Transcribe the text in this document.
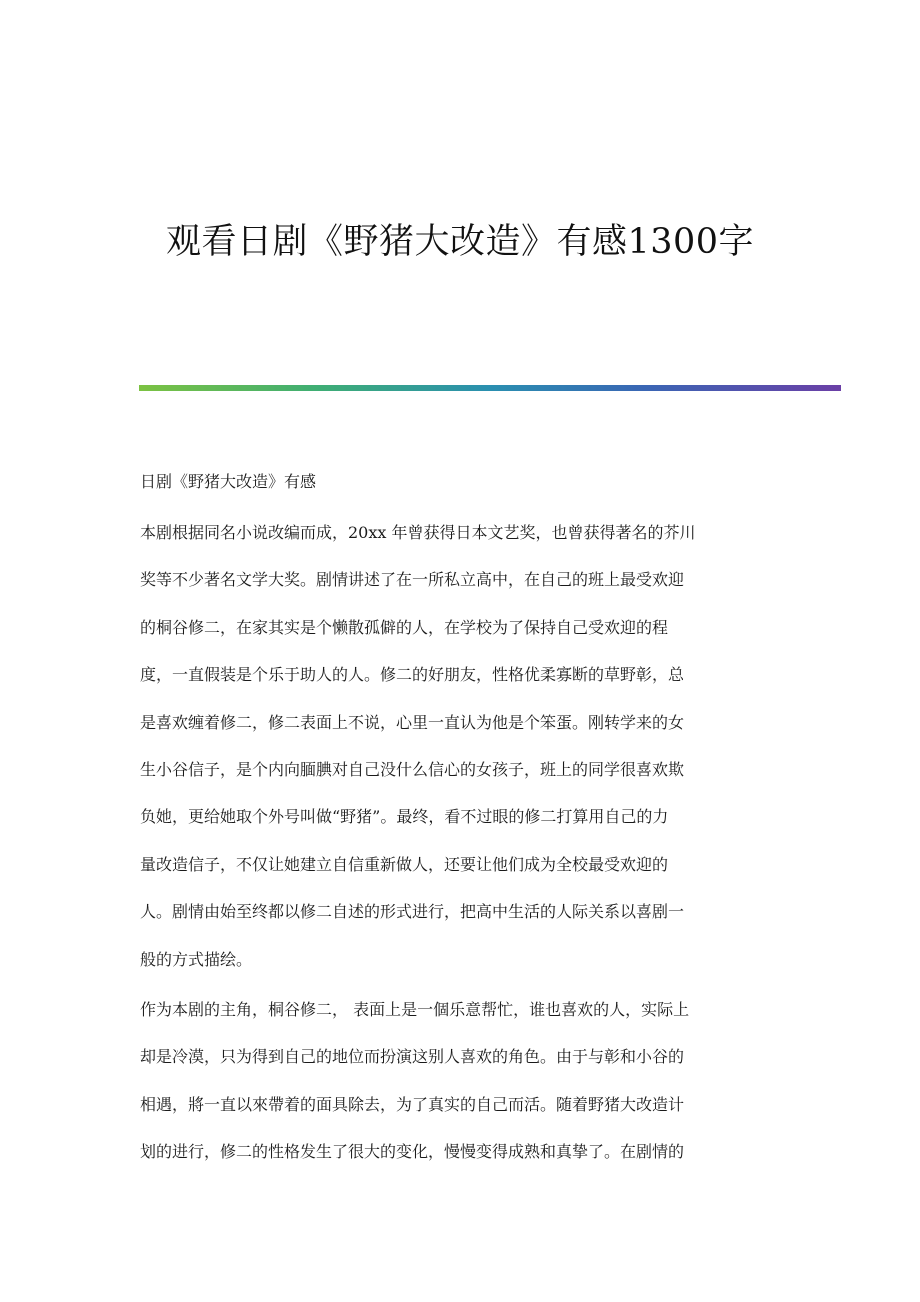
观看日剧《野猪大改造》有感1300字

日剧《野猪大改造》有感

本剧根据同名小说改编而成，20xx 年曾获得日本文艺奖，也曾获得著名的芥川
奖等不少著名文学大奖。剧情讲述了在一所私立高中，在自己的班上最受欢迎
的桐谷修二，在家其实是个懒散孤僻的人，在学校为了保持自己受欢迎的程
度，一直假装是个乐于助人的人。修二的好朋友，性格优柔寡断的草野彰，总
是喜欢缠着修二，修二表面上不说，心里一直认为他是个笨蛋。刚转学来的女
生小谷信子，是个内向腼腆对自己没什么信心的女孩子，班上的同学很喜欢欺
负她，更给她取个外号叫做“野猪”。最终，看不过眼的修二打算用自己的力
量改造信子，不仅让她建立自信重新做人，还要让他们成为全校最受欢迎的
人。剧情由始至终都以修二自述的形式进行，把高中生活的人际关系以喜剧一
般的方式描绘。

作为本剧的主角，桐谷修二， 表面上是一個乐意帮忙，谁也喜欢的人，实际上
却是冷漠，只为得到自己的地位而扮演这别人喜欢的角色。由于与彰和小谷的
相遇，將一直以來帶着的面具除去，为了真实的自己而活。随着野猪大改造计
划的进行，修二的性格发生了很大的变化，慢慢变得成熟和真挚了。在剧情的
